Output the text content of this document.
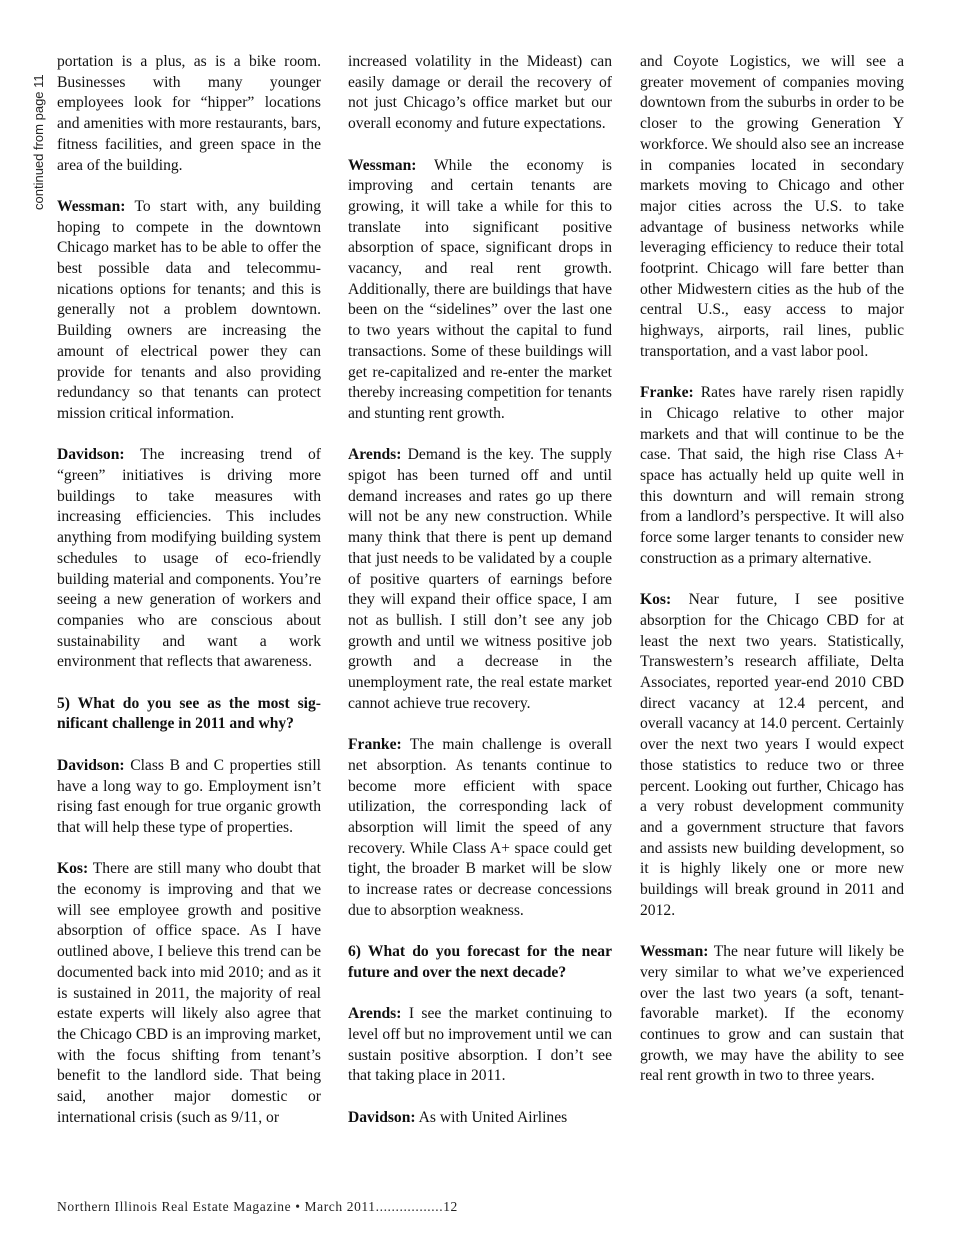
continued from page 11

portation is a plus, as is a bike room. Businesses with many younger employees look for “hipper” locations and amenities with more restaurants, bars, fitness facilities, and green space in the area of the building.

Wessman: To start with, any building hoping to compete in the downtown Chicago market has to be able to offer the best possible data and telecommunications options for tenants; and this is generally not a problem downtown. Building owners are increasing the amount of electrical power they can provide for tenants and also providing redundancy so that tenants can protect mission critical information.

Davidson: The increasing trend of “green” initiatives is driving more buildings to take measures with increasing efficiencies. This includes anything from modifying building system schedules to usage of eco-friendly building material and components. You’re seeing a new generation of workers and companies who are conscious about sustainability and want a work environment that reflects that awareness.

5) What do you see as the most significant challenge in 2011 and why?

Davidson: Class B and C properties still have a long way to go. Employment isn’t rising fast enough for true organic growth that will help these type of properties.

Kos: There are still many who doubt that the economy is improving and that we will see employee growth and positive absorption of office space. As I have outlined above, I believe this trend can be documented back into mid 2010; and as it is sustained in 2011, the majority of real estate experts will likely also agree that the Chicago CBD is an improving market, with the focus shifting from tenant’s benefit to the landlord side. That being said, another major domestic or international crisis (such as 9/11, or

increased volatility in the Mideast) can easily damage or derail the recovery of not just Chicago’s office market but our overall economy and future expectations.

Wessman: While the economy is improving and certain tenants are growing, it will take a while for this to translate into significant positive absorption of space, significant drops in vacancy, and real rent growth. Additionally, there are buildings that have been on the “sidelines” over the last one to two years without the capital to fund transactions. Some of these buildings will get re-capitalized and re-enter the market thereby increasing competition for tenants and stunting rent growth.

Arends: Demand is the key. The supply spigot has been turned off and until demand increases and rates go up there will not be any new construction. While many think that there is pent up demand that just needs to be validated by a couple of positive quarters of earnings before they will expand their office space, I am not as bullish. I still don’t see any job growth and until we witness positive job growth and a decrease in the unemployment rate, the real estate market cannot achieve true recovery.

Franke: The main challenge is overall net absorption. As tenants continue to become more efficient with space utilization, the corresponding lack of absorption will limit the speed of any recovery. While Class A+ space could get tight, the broader B market will be slow to increase rates or decrease concessions due to absorption weakness.

6) What do you forecast for the near future and over the next decade?

Arends: I see the market continuing to level off but no improvement until we can sustain positive absorption. I don’t see that taking place in 2011.

Davidson: As with United Airlines

and Coyote Logistics, we will see a greater movement of companies moving downtown from the suburbs in order to be closer to the growing Generation Y workforce. We should also see an increase in companies located in secondary markets moving to Chicago and other major cities across the U.S. to take advantage of business networks while leveraging efficiency to reduce their total footprint. Chicago will fare better than other Midwestern cities as the hub of the central U.S., easy access to major highways, airports, rail lines, public transportation, and a vast labor pool.

Franke: Rates have rarely risen rapidly in Chicago relative to other major markets and that will continue to be the case. That said, the high rise Class A+ space has actually held up quite well in this downturn and will remain strong from a landlord’s perspective. It will also force some larger tenants to consider new construction as a primary alternative.

Kos: Near future, I see positive absorption for the Chicago CBD for at least the next two years. Statistically, Transwestern’s research affiliate, Delta Associates, reported year-end 2010 CBD direct vacancy at 12.4 percent, and overall vacancy at 14.0 percent. Certainly over the next two years I would expect those statistics to reduce two or three percent. Looking out further, Chicago has a very robust development community and a government structure that favors and assists new building development, so it is highly likely one or more new buildings will break ground in 2011 and 2012.

Wessman: The near future will likely be very similar to what we’ve experienced over the last two years (a soft, tenant-favorable market). If the economy continues to grow and can sustain that growth, we may have the ability to see real rent growth in two to three years.

Northern Illinois Real Estate Magazine • March 2011.................12
